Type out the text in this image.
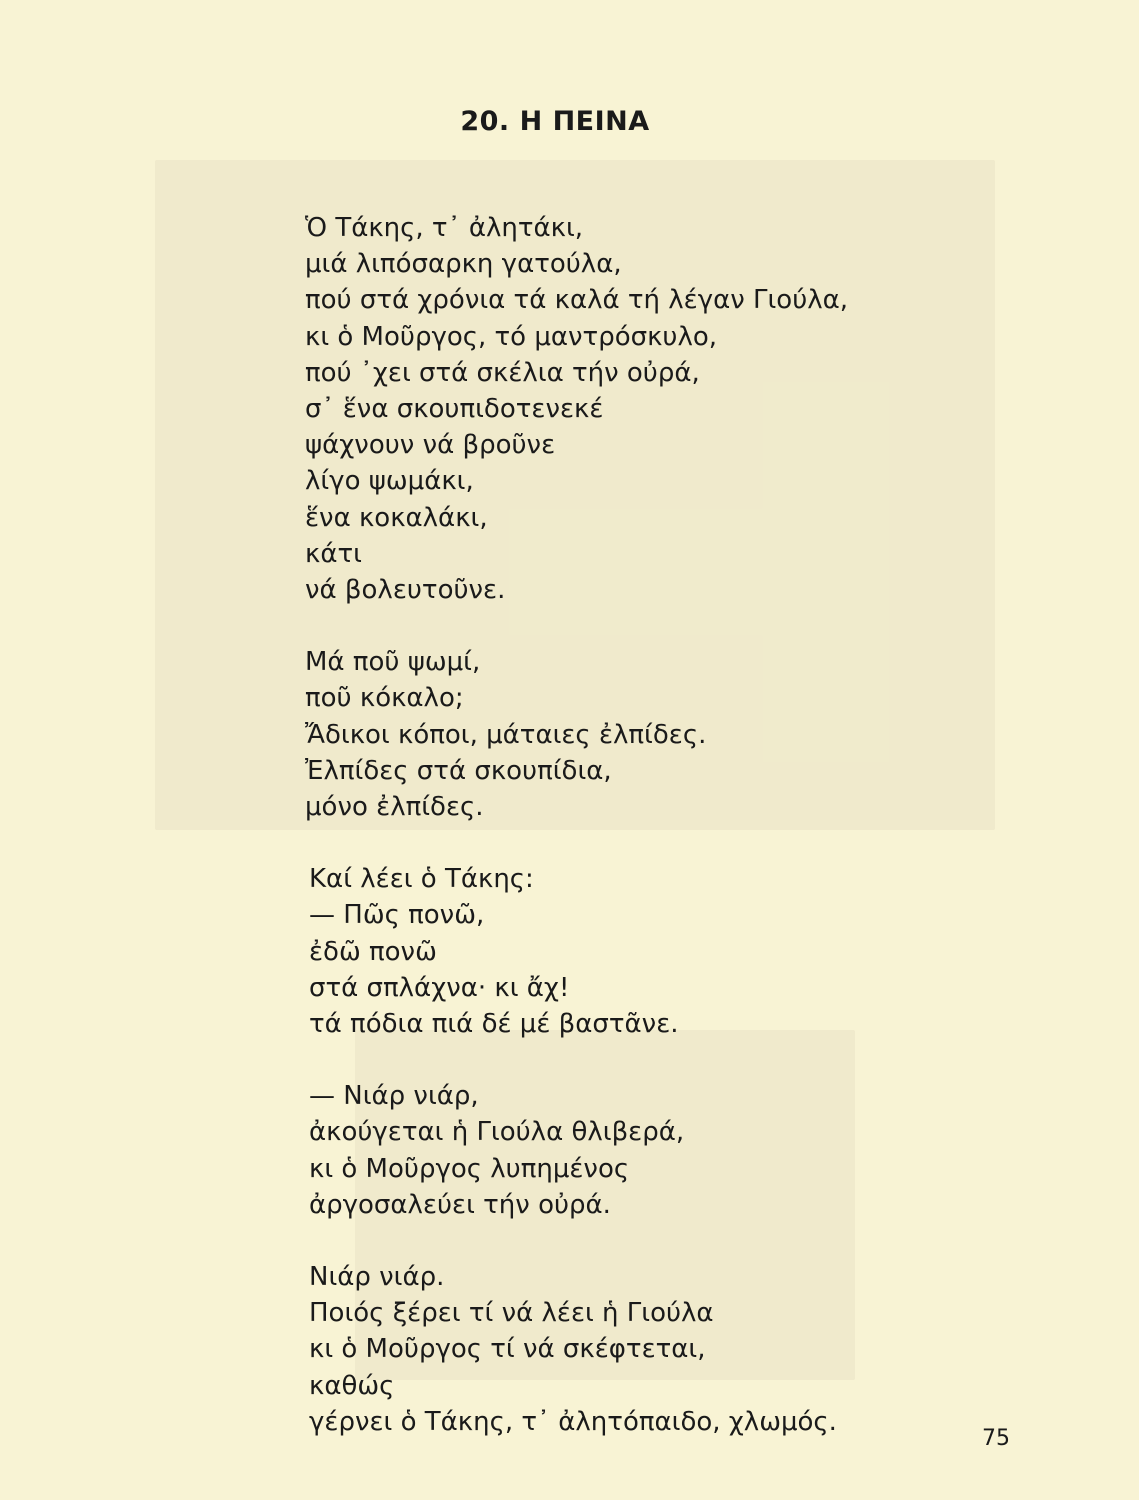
20. Η ΠΕΙΝΑ
Ὁ Τάκης, τ᾽ ἀλητάκι,
μιά λιπόσαρκη γατούλα,
πού στά χρόνια τά καλά τή λέγαν Γιούλα,
κι ὁ Μοῦργος, τό μαντρόσκυλο,
πού ᾽χει στά σκέλια τήν οὐρά,
σ᾽ ἕνα σκουπιδοτενεκέ
ψάχνουν νά βροῦνε
λίγο ψωμάκι,
ἕνα κοκαλάκι,
κάτι
νά βολευτοῦνε.
Μά ποῦ ψωμί,
ποῦ κόκαλο;
Ἄδικοι κόποι, μάταιες ἐλπίδες.
Ἐλπίδες στά σκουπίδια,
μόνο ἐλπίδες.
Καί λέει ὁ Τάκης:
— Πῶς πονῶ,
ἐδῶ πονῶ
στά σπλάχνα· κι ἄχ!
τά πόδια πιά δέ μέ βαστᾶνε.
— Νιάρ νιάρ,
ἀκούγεται ἡ Γιούλα θλιβερά,
κι ὁ Μοῦργος λυπημένος
ἀργοσαλεύει τήν οὐρά.
Νιάρ νιάρ.
Ποιός ξέρει τί νά λέει ἡ Γιούλα
κι ὁ Μοῦργος τί νά σκέφτεται,
καθώς
γέρνει ὁ Τάκης, τ᾽ ἀλητόπαιδο, χλωμός.
75
